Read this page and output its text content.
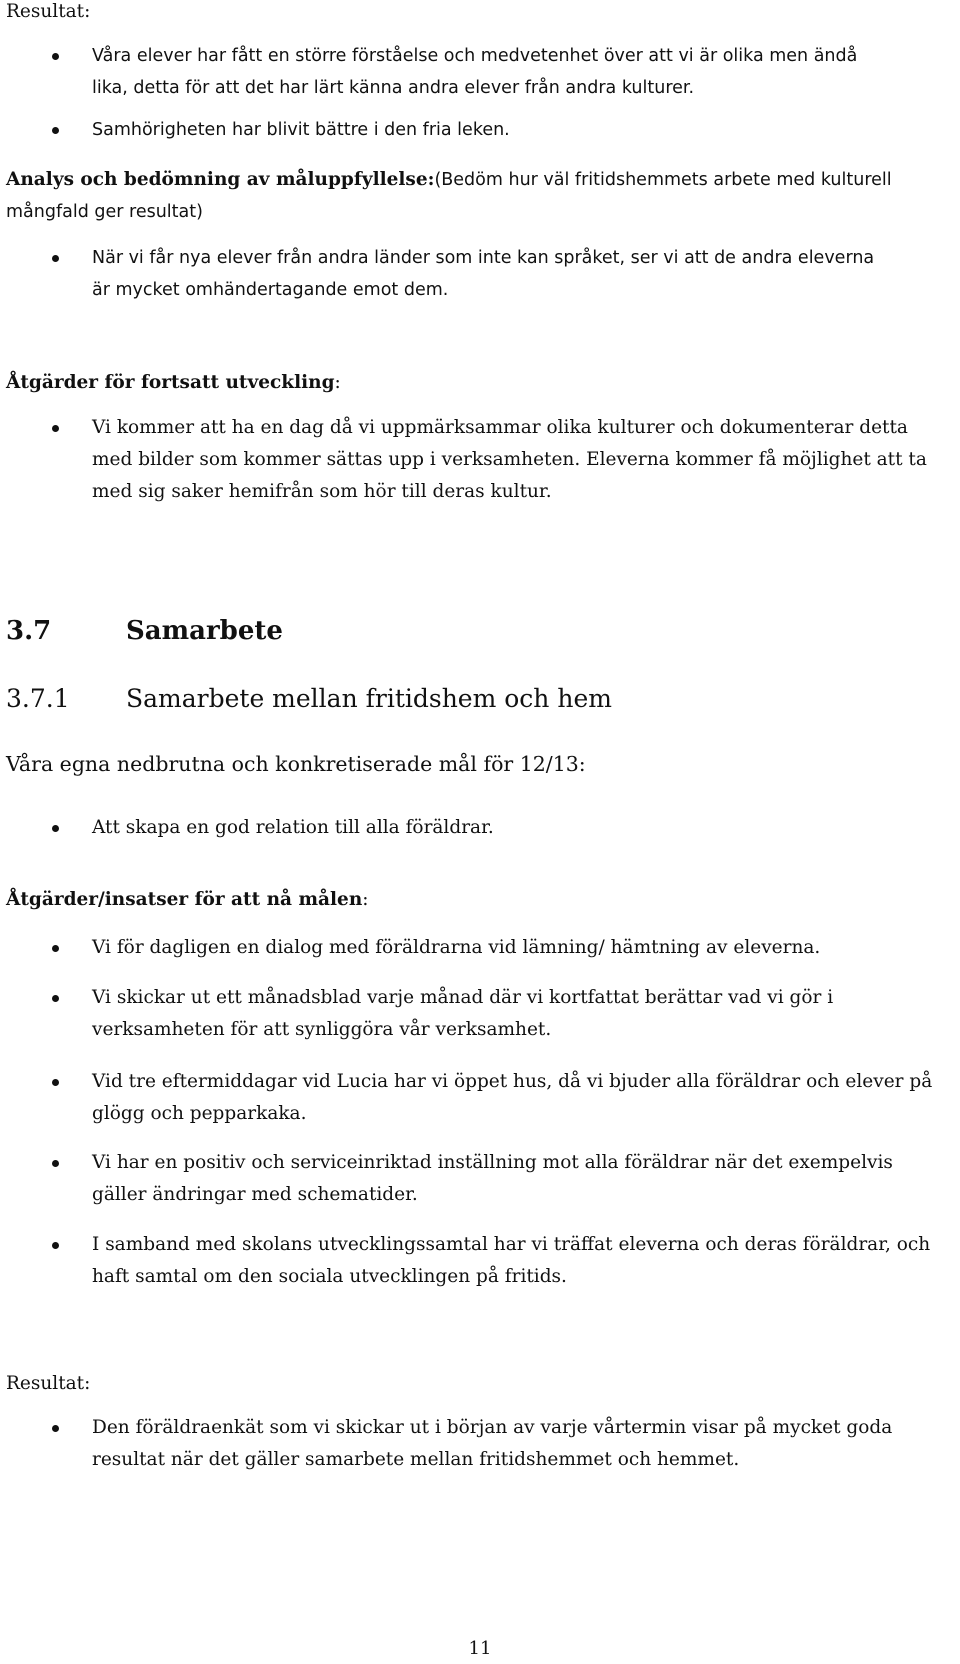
Resultat:
Våra elever har fått en större förståelse och medvetenhet över att vi är olika men ändå
lika, detta för att det har lärt känna andra elever från andra kulturer.
Samhörigheten har blivit bättre i den fria leken.
Analys och bedömning av måluppfyllelse:(Bedöm hur väl fritidshemmets arbete med kulturell
mångfald ger resultat)
När vi får nya elever från andra länder som inte kan språket, ser vi att de andra eleverna
är mycket omhändertagande emot dem.
Åtgärder för fortsatt utveckling:
Vi kommer att ha en dag då vi uppmärksammar olika kulturer och dokumenterar detta
med bilder som kommer sättas upp i verksamheten. Eleverna kommer få möjlighet att ta
med sig saker hemifrån som hör till deras kultur.
3.7	Samarbete
3.7.1 Samarbete mellan fritidshem och hem
Våra egna nedbrutna och konkretiserade mål för 12/13:
Att skapa en god relation till alla föräldrar.
Åtgärder/insatser för att nå målen:
Vi för dagligen en dialog med föräldrarna vid lämning/ hämtning av eleverna.
Vi skickar ut ett månadsblad varje månad där vi kortfattat berättar vad vi gör i
verksamheten för att synliggöra vår verksamhet.
Vid tre eftermiddagar vid Lucia har vi öppet hus, då vi bjuder alla föräldrar och elever på
glögg och pepparkaka.
Vi har en positiv och serviceinriktad inställning mot alla föräldrar när det exempelvis
gäller ändringar med schematider.
I samband med skolans utvecklingssamtal har vi träffat eleverna och deras föräldrar, och
haft samtal om den sociala utvecklingen på fritids.
Resultat:
Den föräldraenkät som vi skickar ut i början av varje vårtermin visar på mycket goda
resultat när det gäller samarbete mellan fritidshemmet och hemmet.
11
